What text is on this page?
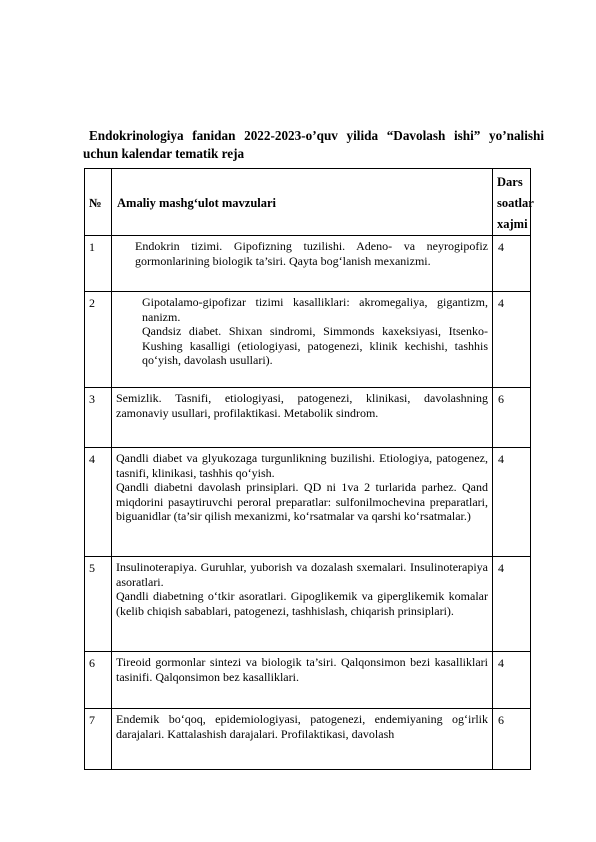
Endokrinologiya fanidan 2022-2023-o’quv yilida “Davolash ishi” yo’nalishi
uchun kalendar tematik reja
№	Amaliy mashg‘ulot mavzulari	Dars
soatlar
xajmi
1	Endokrin tizimi. Gipofizning tuzilishi. Adeno- va neyrogipofiz gormonlarining biologik ta’siri. Qayta bog‘lanish mexanizmi.	4
2	Gipotalamo-gipofizar tizimi kasalliklari: akromegaliya, gigantizm, nanizm.

Qandsiz diabet. Shixan sindromi, Simmonds kaxeksiyasi, Itsenko-Kushing kasalligi (etiologiyasi, patogenezi, klinik kechishi, tashhis qo‘yish, davolash usullari).	4
3	Semizlik. Tasnifi, etiologiyasi, patogenezi, klinikasi, davolashning zamonaviy usullari, profilaktikasi. Metabolik sindrom.	6
4	Qandli diabet va glyukozaga turgunlikning buzilishi. Etiologiya, patogenez, tasnifi, klinikasi, tashhis qo‘yish.

Qandli diabetni davolash prinsiplari. QD ni 1va 2 turlarida parhez. Qand miqdorini pasaytiruvchi peroral preparatlar: sulfonilmochevina preparatlari, biguanidlar (ta’sir qilish mexanizmi, ko‘rsatmalar va qarshi ko‘rsatmalar.)	4
5	Insulinoterapiya. Guruhlar, yuborish va dozalash sxemalari. Insulinoterapiya asoratlari.

Qandli diabetning o‘tkir asoratlari. Gipoglikemik va giperglikemik komalar (kelib chiqish sabablari, patogenezi, tashhislash, chiqarish prinsiplari).	4
6	Tireoid gormonlar sintezi va biologik ta’siri. Qalqonsimon bezi kasalliklari tasinifi. Qalqonsimon bez kasalliklari.	4
7	Endemik bo‘qoq, epidemiologiyasi, patogenezi, endemiyaning og‘irlik darajalari. Kattalashish darajalari. Profilaktikasi, davolash	6
